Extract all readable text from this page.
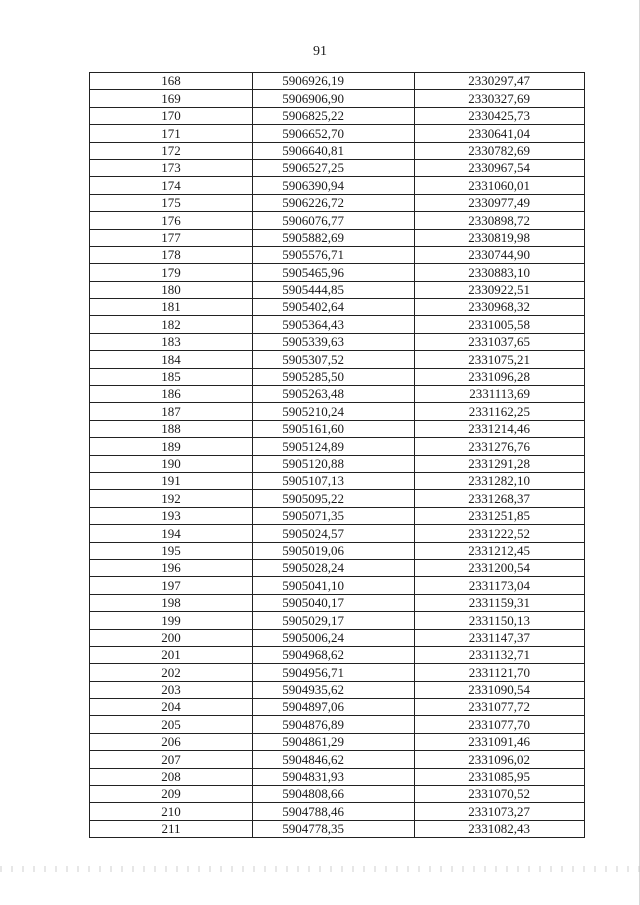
91
168	5906926,19	2330297,47
169	5906906,90	2330327,69
170	5906825,22	2330425,73
171	5906652,70	2330641,04
172	5906640,81	2330782,69
173	5906527,25	2330967,54
174	5906390,94	2331060,01
175	5906226,72	2330977,49
176	5906076,77	2330898,72
177	5905882,69	2330819,98
178	5905576,71	2330744,90
179	5905465,96	2330883,10
180	5905444,85	2330922,51
181	5905402,64	2330968,32
182	5905364,43	2331005,58
183	5905339,63	2331037,65
184	5905307,52	2331075,21
185	5905285,50	2331096,28
186	5905263,48	2331113,69
187	5905210,24	2331162,25
188	5905161,60	2331214,46
189	5905124,89	2331276,76
190	5905120,88	2331291,28
191	5905107,13	2331282,10
192	5905095,22	2331268,37
193	5905071,35	2331251,85
194	5905024,57	2331222,52
195	5905019,06	2331212,45
196	5905028,24	2331200,54
197	5905041,10	2331173,04
198	5905040,17	2331159,31
199	5905029,17	2331150,13
200	5905006,24	2331147,37
201	5904968,62	2331132,71
202	5904956,71	2331121,70
203	5904935,62	2331090,54
204	5904897,06	2331077,72
205	5904876,89	2331077,70
206	5904861,29	2331091,46
207	5904846,62	2331096,02
208	5904831,93	2331085,95
209	5904808,66	2331070,52
210	5904788,46	2331073,27
211	5904778,35	2331082,43
